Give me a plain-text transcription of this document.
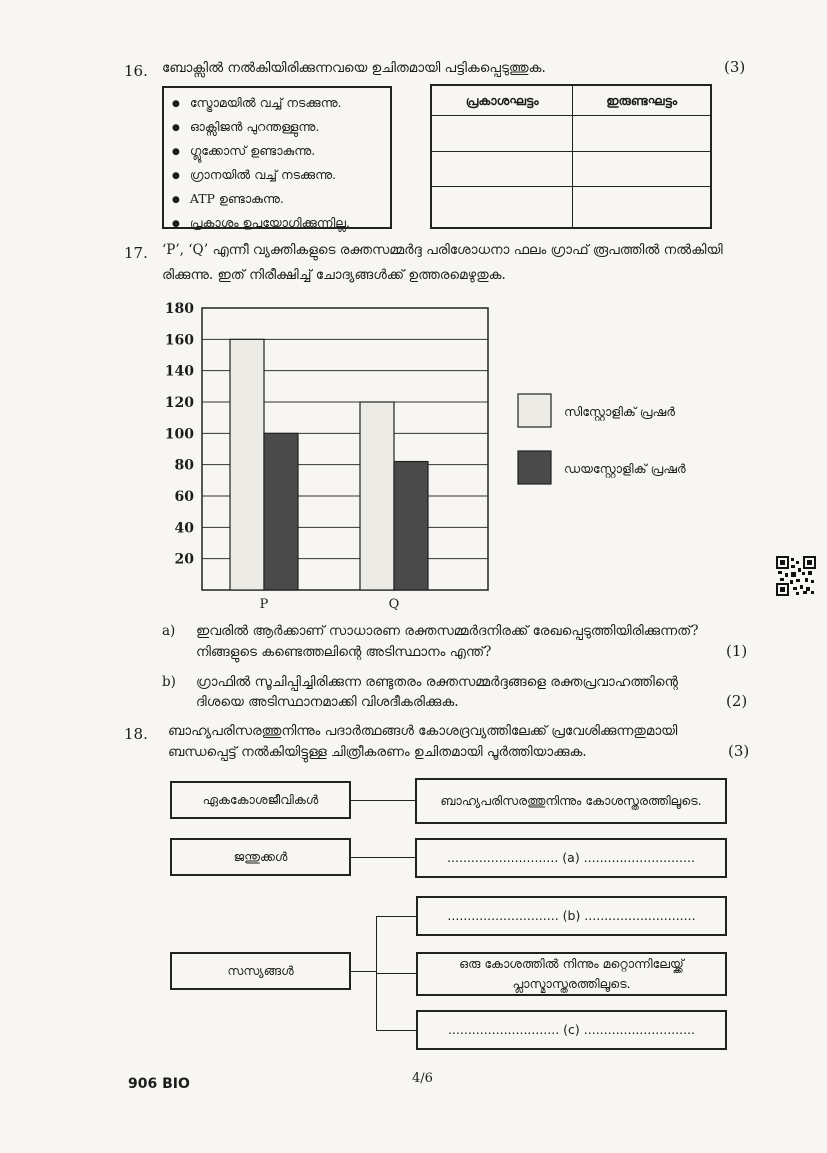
16. ബോക്സിൽ നൽകിയിരിക്കുന്നവയെ ഉചിതമായി പട്ടികപ്പെടുത്തുക.	(3)
● സ്ട്രോമയിൽ വച്ച് നടക്കുന്നു.
● ഓക്സിജൻ പുറന്തള്ളുന്നു.
● ഗ്ലൂക്കോസ് ഉണ്ടാകുന്നു.
● ഗ്രാനയിൽ വച്ച് നടക്കുന്നു.
● ATP ഉണ്ടാകുന്നു.
● പ്രകാശം ഉപയോഗിക്കുന്നില്ല.
പ്രകാശഘട്ടം	ഇരുണ്ടഘട്ടം

17. ‘P’, ‘Q’ എന്നീ വ്യക്തികളുടെ രക്തസമ്മർദ്ദ പരിശോധനാ ഫലം ഗ്രാഫ് രൂപത്തിൽ നൽകിയി
രിക്കുന്നു. ഇത് നിരീക്ഷിച്ച് ചോദ്യങ്ങൾക്ക് ഉത്തരമെഴുതുക.
20
40
60
80
100
120
140
160
180
P	Q
സിസ്റ്റോളിക് പ്രഷർ
ഡയസ്റ്റോളിക് പ്രഷർ
a) ഇവരിൽ ആർക്കാണ് സാധാരണ രക്തസമ്മർദനിരക്ക് രേഖപ്പെടുത്തിയിരിക്കുന്നത്?
നിങ്ങളുടെ കണ്ടെത്തലിന്റെ അടിസ്ഥാനം എന്ത്?	(1)
b) ഗ്രാഫിൽ സൂചിപ്പിച്ചിരിക്കുന്ന രണ്ടുതരം രക്തസമ്മർദ്ദങ്ങളെ രക്തപ്രവാഹത്തിന്റെ
ദിശയെ അടിസ്ഥാനമാക്കി വിശദീകരിക്കുക.	(2)
18. ബാഹ്യപരിസരത്തുനിന്നും പദാർത്ഥങ്ങൾ കോശദ്രവ്യത്തിലേക്ക് പ്രവേശിക്കുന്നതുമായി
ബന്ധപ്പെട്ട് നൽകിയിട്ടുള്ള ചിത്രീകരണം ഉചിതമായി പൂർത്തിയാക്കുക.	(3)
ഏകകോശജീവികൾ	ബാഹ്യപരിസരത്തുനിന്നും കോശസ്തരത്തിലൂടെ.
ജന്തുക്കൾ	............................ (a) ............................
സസ്യങ്ങൾ
............................ (b) ............................
ഒരു കോശത്തിൽ നിന്നും മറ്റൊന്നിലേയ്ക്ക് പ്ലാസ്മാസ്തരത്തിലൂടെ.
............................ (c) ............................
906 BIO	4/6
